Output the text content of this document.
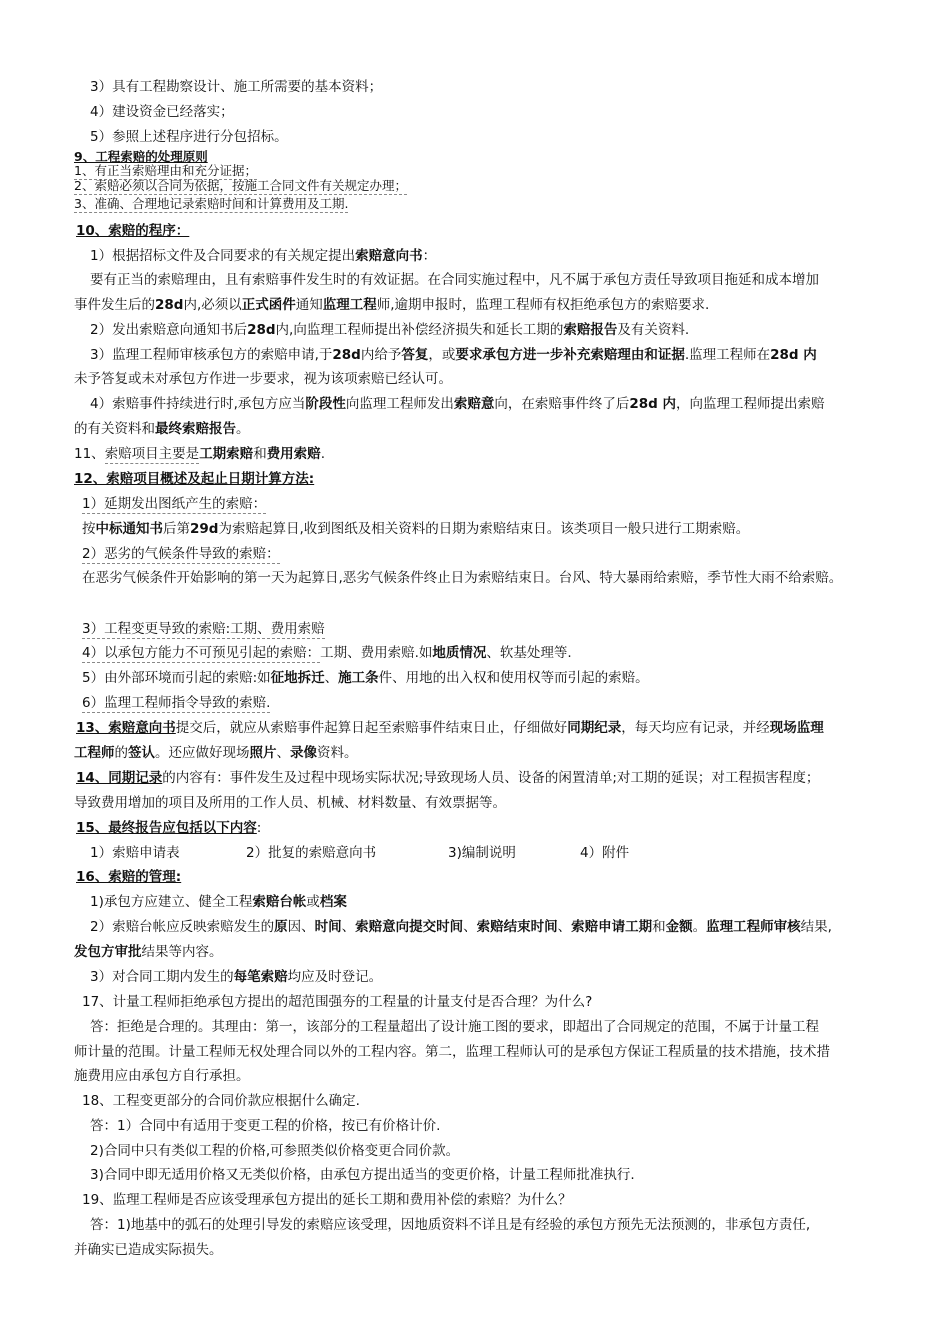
3）具有工程勘察设计、施工所需要的基本资料；
4）建设资金已经落实；
5）参照上述程序进行分包招标。
9、工程索赔的处理原则
1、有正当索赔理由和充分证据；
2、索赔必须以合同为依据，按施工合同文件有关规定办理；
3、准确、合理地记录索赔时间和计算费用及工期.
10、索赔的程序：
1）根据招标文件及合同要求的有关规定提出索赔意向书：
要有正当的索赔理由，且有索赔事件发生时的有效证据。在合同实施过程中，凡不属于承包方责任导致项目拖延和成本增加
事件发生后的28d内,必须以正式函件通知监理工程师,逾期申报时，监理工程师有权拒绝承包方的索赔要求.
2）发出索赔意向通知书后28d内,向监理工程师提出补偿经济损失和延长工期的索赔报告及有关资料.
3）监理工程师审核承包方的索赔申请,于28d内给予答复，或要求承包方进一步补充索赔理由和证据.监理工程师在28d 内
未予答复或未对承包方作进一步要求，视为该项索赔已经认可。
4）索赔事件持续进行时,承包方应当阶段性向监理工程师发出索赔意向，在索赔事件终了后28d 内，向监理工程师提出索赔
的有关资料和最终索赔报告。
11、索赔项目主要是工期索赔和费用索赔.
12、索赔项目概述及起止日期计算方法:
1）延期发出图纸产生的索赔：
按中标通知书后第29d为索赔起算日,收到图纸及相关资料的日期为索赔结束日。该类项目一般只进行工期索赔。
2）恶劣的气候条件导致的索赔：
在恶劣气候条件开始影响的第一天为起算日,恶劣气候条件终止日为索赔结束日。台风、特大暴雨给索赔，季节性大雨不给索赔。
3）工程变更导致的索赔:工期、费用索赔
4）以承包方能力不可预见引起的索赔：工期、费用索赔.如地质情况、软基处理等.
5）由外部环境而引起的索赔:如征地拆迁、施工条件、用地的出入权和使用权等而引起的索赔。
6）监理工程师指令导致的索赔.
13、索赔意向书提交后，就应从索赔事件起算日起至索赔事件结束日止，仔细做好同期纪录，每天均应有记录，并经现场监理
工程师的签认。还应做好现场照片、录像资料。
14、同期记录的内容有：事件发生及过程中现场实际状况;导致现场人员、设备的闲置清单;对工期的延误；对工程损害程度；
导致费用增加的项目及所用的工作人员、机械、材料数量、有效票据等。
15、最终报告应包括以下内容:
1）索赔申请表	2）批复的索赔意向书	3)编制说明	4）附件
16、索赔的管理:
1)承包方应建立、健全工程索赔台帐或档案
2）索赔台帐应反映索赔发生的原因、时间、索赔意向提交时间、索赔结束时间、索赔申请工期和金额。监理工程师审核结果,
发包方审批结果等内容。
3）对合同工期内发生的每笔索赔均应及时登记。
17、计量工程师拒绝承包方提出的超范围强夯的工程量的计量支付是否合理？为什么?
答：拒绝是合理的。其理由：第一，该部分的工程量超出了设计施工图的要求，即超出了合同规定的范围，不属于计量工程
师计量的范围。计量工程师无权处理合同以外的工程内容。第二，监理工程师认可的是承包方保证工程质量的技术措施，技术措
施费用应由承包方自行承担。
18、工程变更部分的合同价款应根据什么确定.
答：1）合同中有适用于变更工程的价格，按已有价格计价.
2)合同中只有类似工程的价格,可参照类似价格变更合同价款。
3)合同中即无适用价格又无类似价格，由承包方提出适当的变更价格，计量工程师批准执行.
19、监理工程师是否应该受理承包方提出的延长工期和费用补偿的索赔？为什么？
答：1)地基中的弧石的处理引导发的索赔应该受理，因地质资料不详且是有经验的承包方预先无法预测的，非承包方责任,
并确实已造成实际损失。
